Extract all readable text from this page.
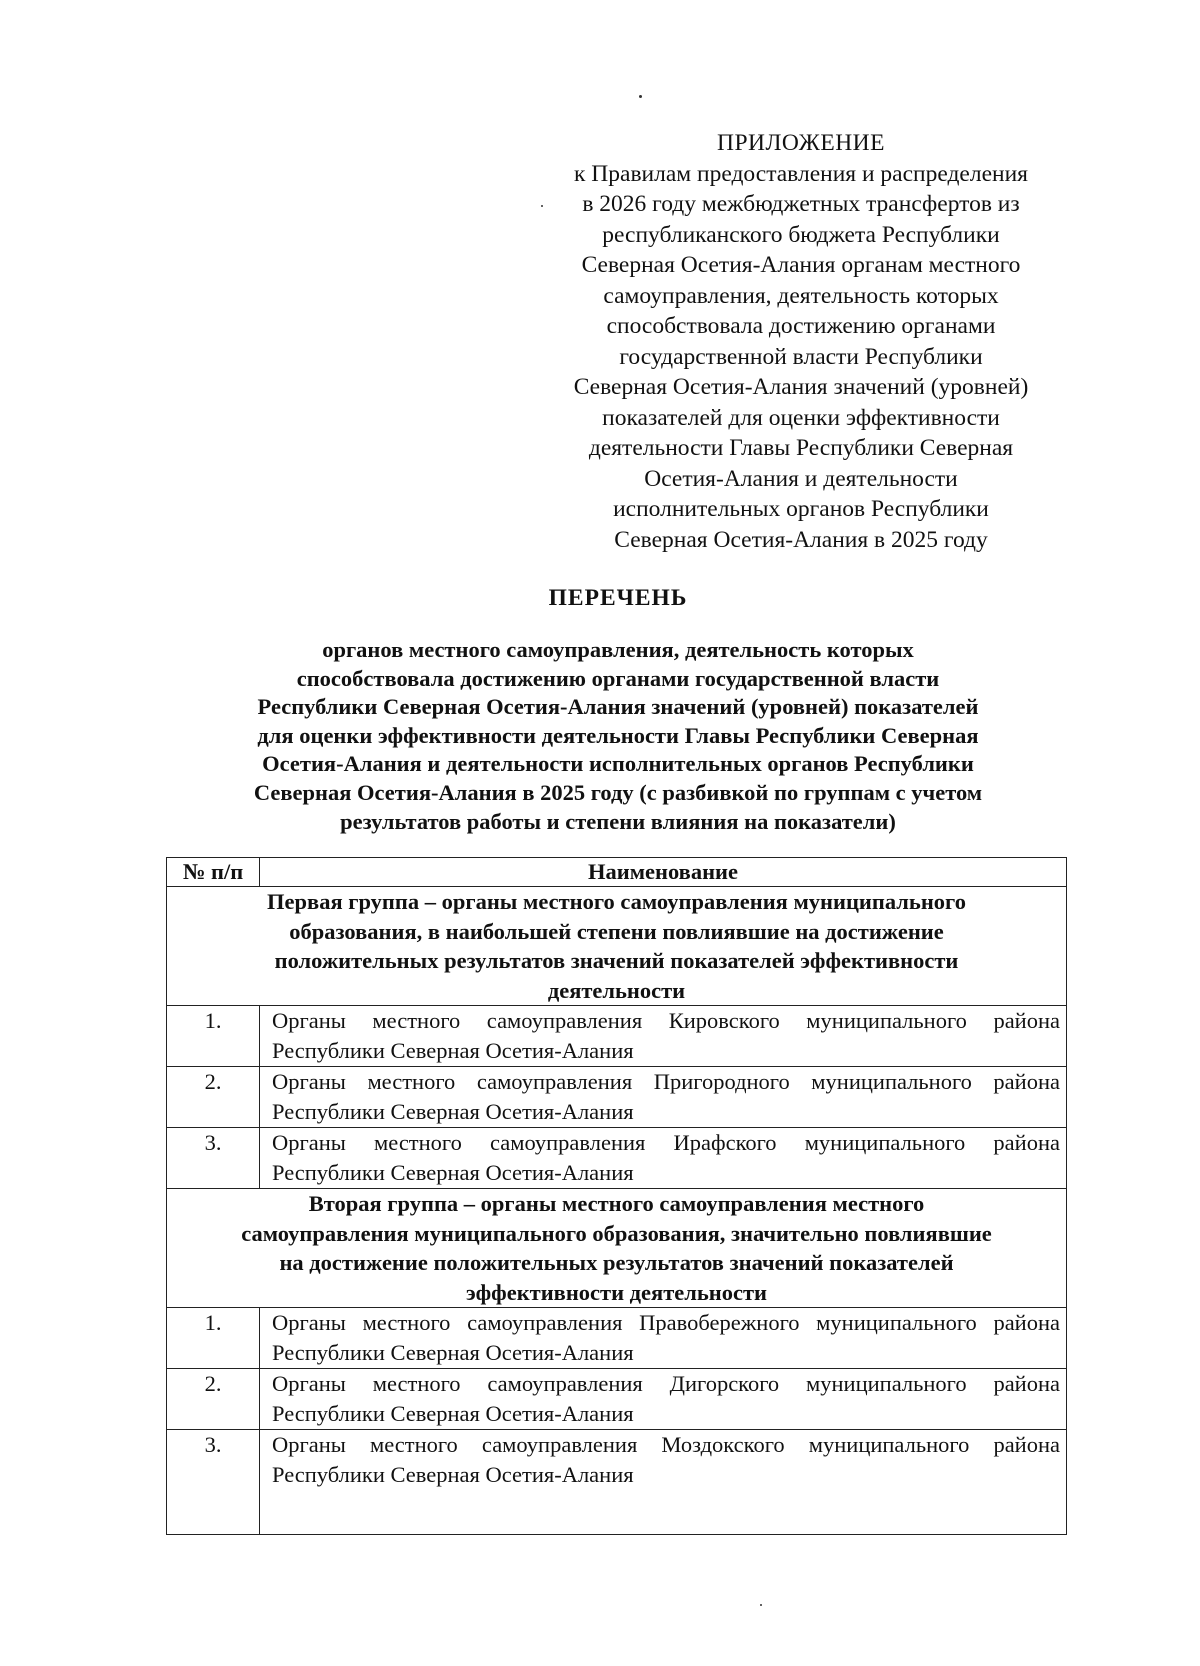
ПРИЛОЖЕНИЕ
к Правилам предоставления и распределения
в 2026 году межбюджетных трансфертов из
республиканского бюджета Республики
Северная Осетия-Алания органам местного
самоуправления, деятельность которых
способствовала достижению органами
государственной власти Республики
Северная Осетия-Алания значений (уровней)
показателей для оценки эффективности
деятельности Главы Республики Северная
Осетия-Алания и деятельности
исполнительных органов Республики
Северная Осетия-Алания в 2025 году
ПЕРЕЧЕНЬ
органов местного самоуправления, деятельность которых
способствовала достижению органами государственной власти
Республики Северная Осетия-Алания значений (уровней) показателей
для оценки эффективности деятельности Главы Республики Северная
Осетия-Алания и деятельности исполнительных органов Республики
Северная Осетия-Алания в 2025 году (с разбивкой по группам с учетом
результатов работы и степени влияния на показатели)
№ п/п	Наименование

Первая группа – органы местного самоуправления муниципального
образования, в наибольшей степени повлиявшие на достижение
положительных результатов значений показателей эффективности
деятельности	

1.	Органы местного самоуправления Кировского муниципального района Республики Северная Осетия-Алания
2.	Органы местного самоуправления Пригородного муниципального района Республики Северная Осетия-Алания
3.	Органы местного самоуправления Ирафского муниципального района Республики Северная Осетия-Алания

Вторая группа – органы местного самоуправления местного
самоуправления муниципального образования, значительно повлиявшие
на достижение положительных результатов значений показателей
эффективности деятельности	

1.	Органы местного самоуправления Правобережного муниципального района Республики Северная Осетия-Алания
2.	Органы местного самоуправления Дигорского муниципального района Республики Северная Осетия-Алания
3.	Органы местного самоуправления Моздокского муниципального района Республики Северная Осетия-Алания
